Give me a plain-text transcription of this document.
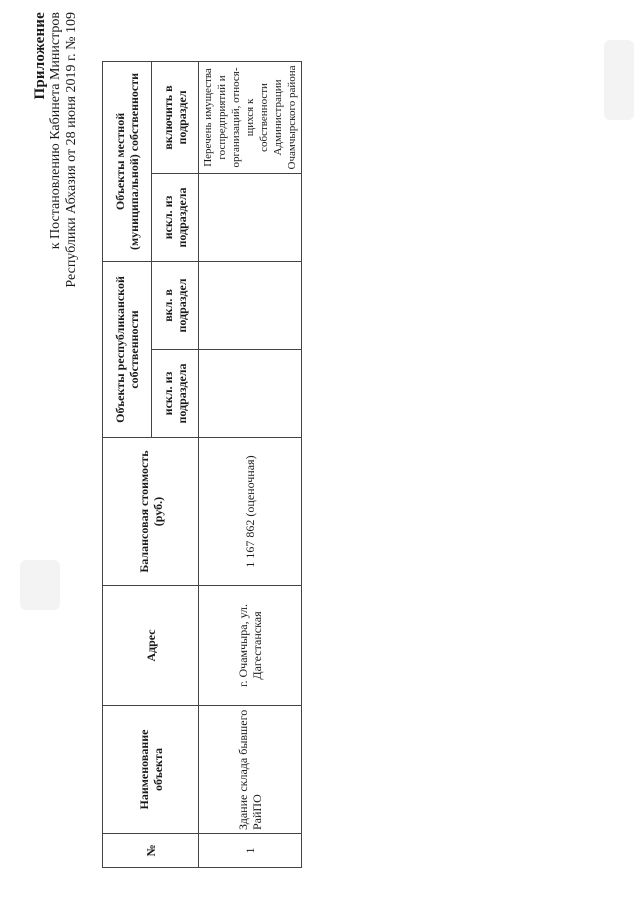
Приложение к Постановлению Кабинета Министров Республики Абхазия от 28 июня 2019 г. № 109
№	Наименование объекта	Адрес	Балансовая стоимость (руб.)	Объекты республиканской собственности		Объекты местной (муниципальной) собственности	
				искл. из подраздела	вкл. в подраздел	искл. из подраздела	включить в подраздел
1	Здание склада бывшего РайПО	г. Очамчыра, ул. Дагестанская	1 167 862 (оценочная)				Перечень имущества госпредприятий и организаций, относя-щихся к собственности Администрации Очамчырского района
